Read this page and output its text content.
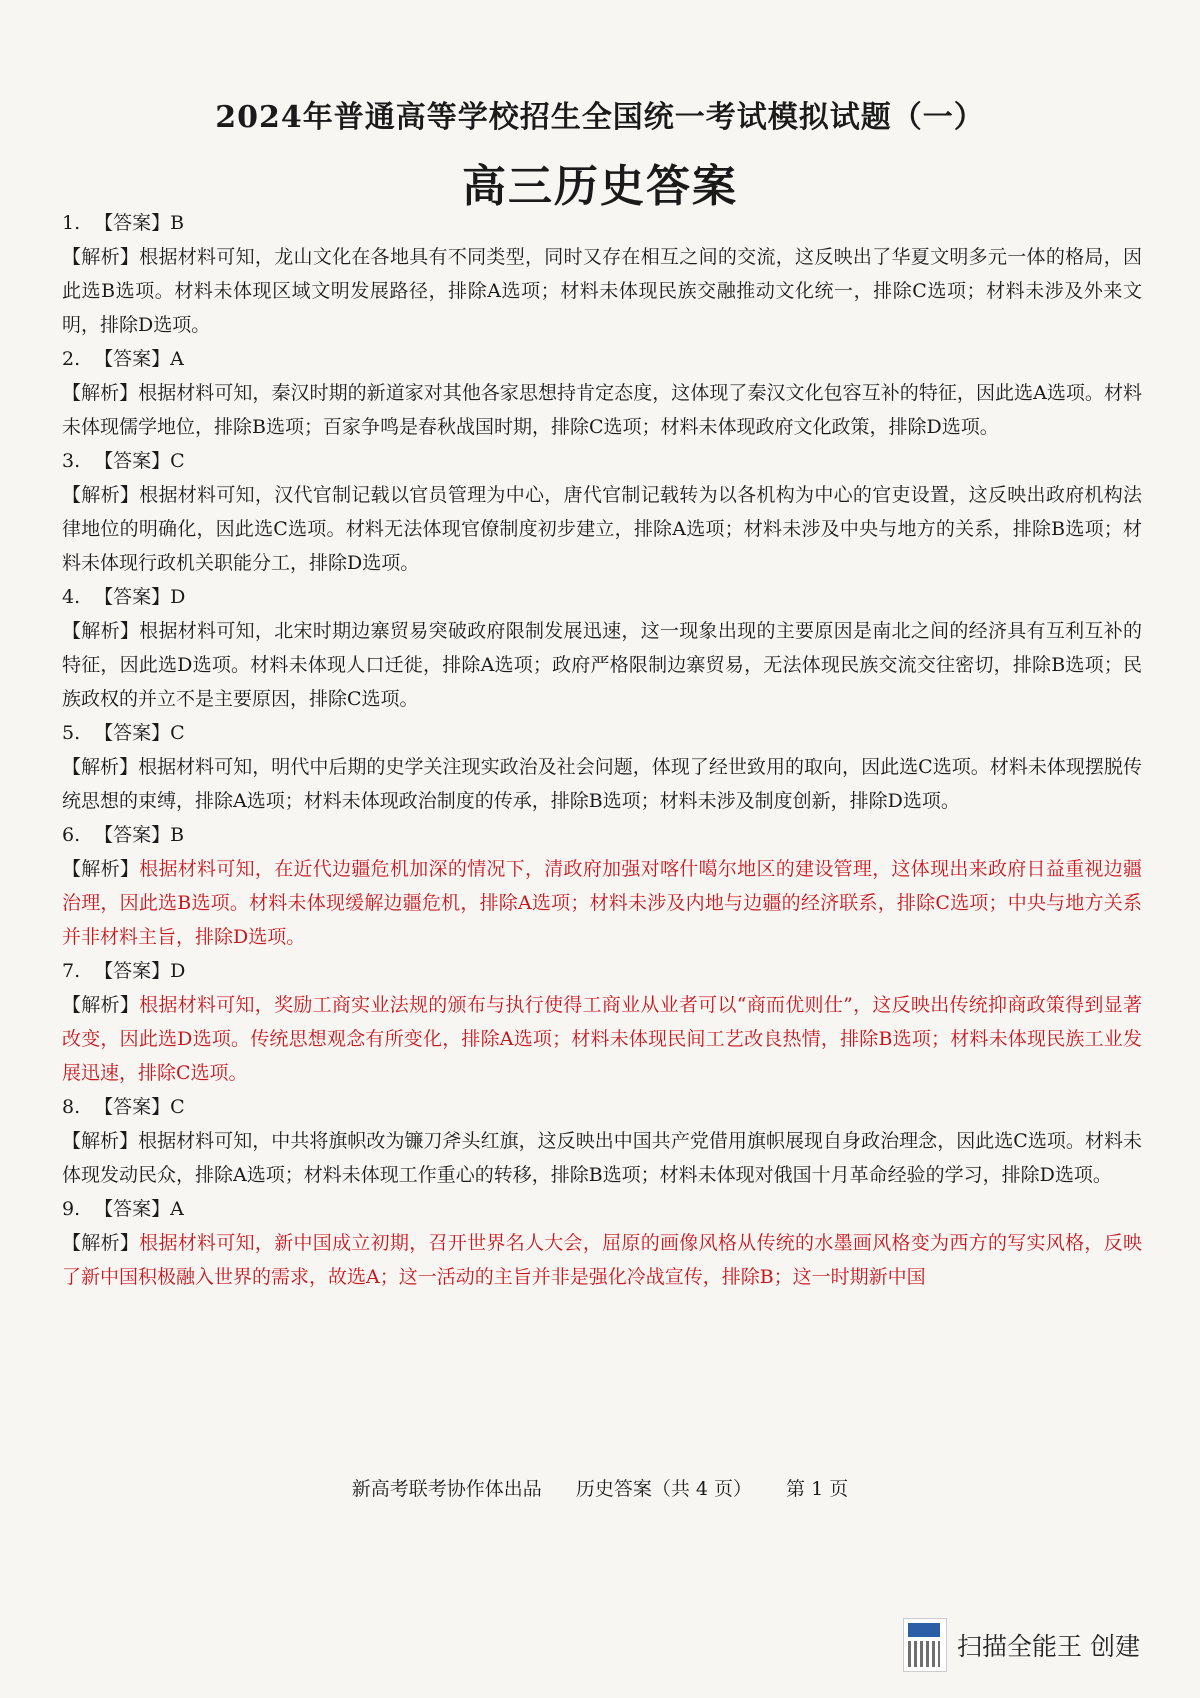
2024年普通高等学校招生全国统一考试模拟试题（一）
高三历史答案
1. 【答案】B
【解析】根据材料可知，龙山文化在各地具有不同类型，同时又存在相互之间的交流，这反映出了华夏文明多元一体的格局，因此选B选项。材料未体现区域文明发展路径，排除A选项；材料未体现民族交融推动文化统一，排除C选项；材料未涉及外来文明，排除D选项。
2. 【答案】A
【解析】根据材料可知，秦汉时期的新道家对其他各家思想持肯定态度，这体现了秦汉文化包容互补的特征，因此选A选项。材料未体现儒学地位，排除B选项；百家争鸣是春秋战国时期，排除C选项；材料未体现政府文化政策，排除D选项。
3. 【答案】C
【解析】根据材料可知，汉代官制记载以官员管理为中心，唐代官制记载转为以各机构为中心的官吏设置，这反映出政府机构法律地位的明确化，因此选C选项。材料无法体现官僚制度初步建立，排除A选项；材料未涉及中央与地方的关系，排除B选项；材料未体现行政机关职能分工，排除D选项。
4. 【答案】D
【解析】根据材料可知，北宋时期边寨贸易突破政府限制发展迅速，这一现象出现的主要原因是南北之间的经济具有互利互补的特征，因此选D选项。材料未体现人口迁徙，排除A选项；政府严格限制边寨贸易，无法体现民族交流交往密切，排除B选项；民族政权的并立不是主要原因，排除C选项。
5. 【答案】C
【解析】根据材料可知，明代中后期的史学关注现实政治及社会问题，体现了经世致用的取向，因此选C选项。材料未体现摆脱传统思想的束缚，排除A选项；材料未体现政治制度的传承，排除B选项；材料未涉及制度创新，排除D选项。
6. 【答案】B
【解析】根据材料可知，在近代边疆危机加深的情况下，清政府加强对喀什噶尔地区的建设管理，这体现出来政府日益重视边疆治理，因此选B选项。材料未体现缓解边疆危机，排除A选项；材料未涉及内地与边疆的经济联系，排除C选项；中央与地方关系并非材料主旨，排除D选项。
7. 【答案】D
【解析】根据材料可知，奖励工商实业法规的颁布与执行使得工商业从业者可以“商而优则仕”，这反映出传统抑商政策得到显著改变，因此选D选项。传统思想观念有所变化，排除A选项；材料未体现民间工艺改良热情，排除B选项；材料未体现民族工业发展迅速，排除C选项。
8. 【答案】C
【解析】根据材料可知，中共将旗帜改为镰刀斧头红旗，这反映出中国共产党借用旗帜展现自身政治理念，因此选C选项。材料未体现发动民众，排除A选项；材料未体现工作重心的转移，排除B选项；材料未体现对俄国十月革命经验的学习，排除D选项。
9. 【答案】A
【解析】根据材料可知，新中国成立初期，召开世界名人大会，屈原的画像风格从传统的水墨画风格变为西方的写实风格，反映了新中国积极融入世界的需求，故选A；这一活动的主旨并非是强化冷战宣传，排除B；这一时期新中国
新高考联考协作体出品 历史答案（共 4 页） 第 1 页
扫描全能王 创建
